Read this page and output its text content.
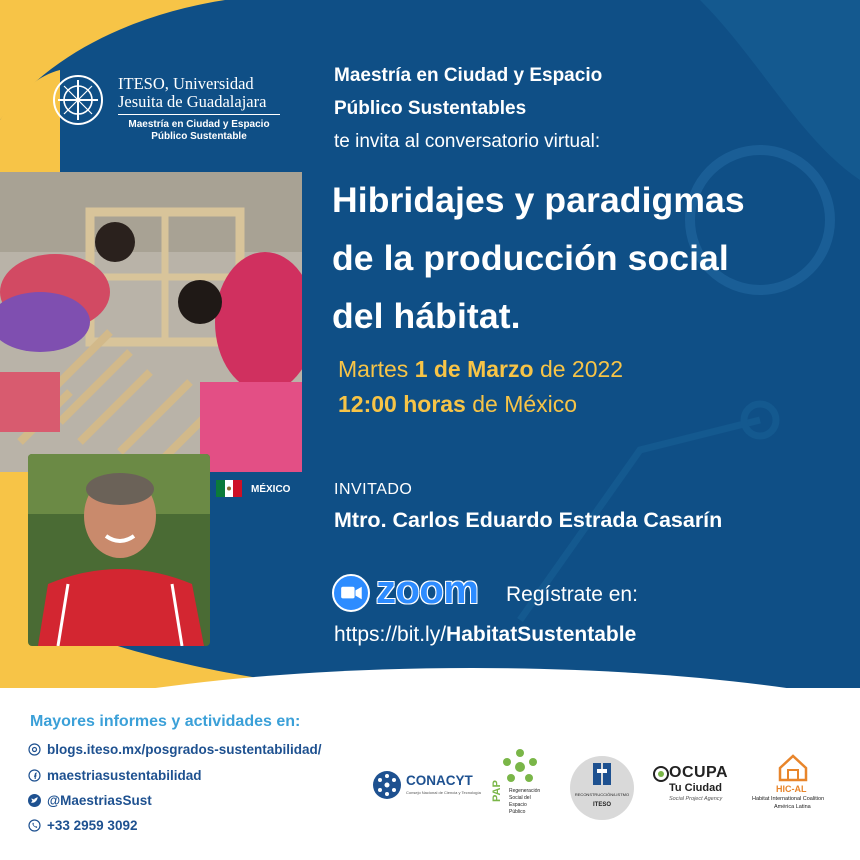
ITESO, Universidad
Jesuita de Guadalajara
Maestría en Ciudad y Espacio
Público Sustentable
Maestría en Ciudad y Espacio
Público Sustentables
te invita al conversatorio virtual:
Hibridajes y paradigmas
de la producción social
del hábitat.
Martes 1 de Marzo de 2022
12:00 horas de México
MÉXICO	INVITADO
Mtro. Carlos Eduardo Estrada Casarín
zoom Regístrate en:
https://bit.ly/HabitatSustentable
Mayores informes y actividades en:
blogs.iteso.mx/posgrados-sustentabilidad/
maestriasustentabilidad
@MaestriasSust
+33 2959 3092
CONACYT
Consejo Nacional de Ciencia y Tecnología PAP Regeneración
Social del
Espacio
Público
RECONSTRUCCIÓN/LISTMO
ITESO
OCUPA
Tu Ciudad
Social Project Agency
HIC-AL
Habitat International Coalition
América Latina
